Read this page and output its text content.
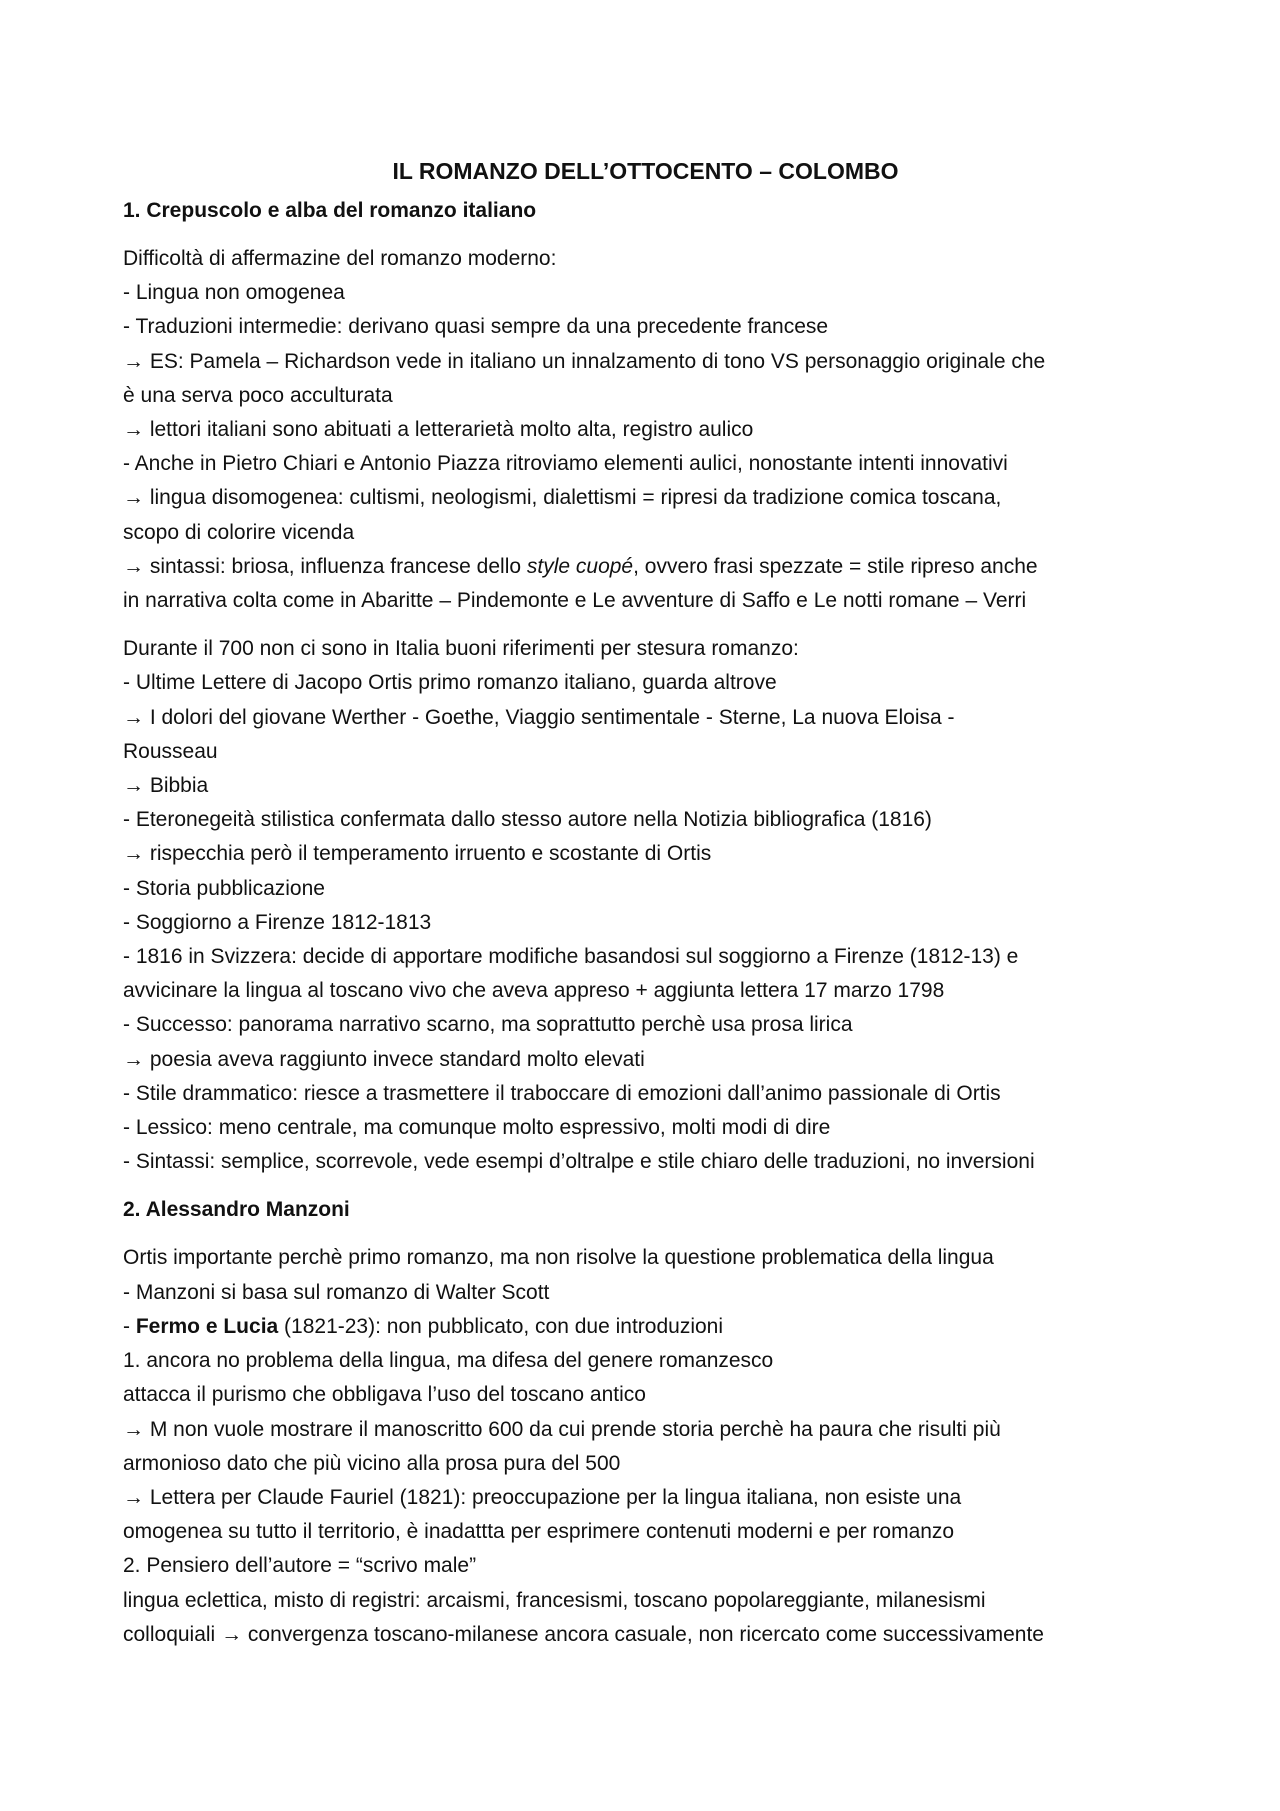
IL ROMANZO DELL’OTTOCENTO – COLOMBO
1. Crepuscolo e alba del romanzo italiano
Difficoltà di affermazine del romanzo moderno:
- Lingua non omogenea
- Traduzioni intermedie: derivano quasi sempre da una precedente francese
→ ES: Pamela – Richardson vede in italiano un innalzamento di tono VS personaggio originale che
è una serva poco acculturata
→ lettori italiani sono abituati a letterarietà molto alta, registro aulico
- Anche in Pietro Chiari e Antonio Piazza ritroviamo elementi aulici, nonostante intenti innovativi
→ lingua disomogenea: cultismi, neologismi, dialettismi = ripresi da tradizione comica toscana,
scopo di colorire vicenda
→ sintassi: briosa, influenza francese dello style cuopé, ovvero frasi spezzate = stile ripreso anche
in narrativa colta come in Abaritte – Pindemonte e Le avventure di Saffo e Le notti romane – Verri
Durante il 700 non ci sono in Italia buoni riferimenti per stesura romanzo:
- Ultime Lettere di Jacopo Ortis primo romanzo italiano, guarda altrove
→ I dolori del giovane Werther - Goethe, Viaggio sentimentale - Sterne, La nuova Eloisa -
Rousseau
→ Bibbia
- Eteronegeità stilistica confermata dallo stesso autore nella Notizia bibliografica (1816)
→ rispecchia però il temperamento irruento e scostante di Ortis
- Storia pubblicazione
- Soggiorno a Firenze 1812-1813
- 1816 in Svizzera: decide di apportare modifiche basandosi sul soggiorno a Firenze (1812-13) e
avvicinare la lingua al toscano vivo che aveva appreso + aggiunta lettera 17 marzo 1798
- Successo: panorama narrativo scarno, ma soprattutto perchè usa prosa lirica
→ poesia aveva raggiunto invece standard molto elevati
- Stile drammatico: riesce a trasmettere il traboccare di emozioni dall’animo passionale di Ortis
- Lessico: meno centrale, ma comunque molto espressivo, molti modi di dire
- Sintassi: semplice, scorrevole, vede esempi d’oltralpe e stile chiaro delle traduzioni, no inversioni
2. Alessandro Manzoni
Ortis importante perchè primo romanzo, ma non risolve la questione problematica della lingua
- Manzoni si basa sul romanzo di Walter Scott
- Fermo e Lucia (1821-23): non pubblicato, con due introduzioni
1. ancora no problema della lingua, ma difesa del genere romanzesco
attacca il purismo che obbligava l’uso del toscano antico
→ M non vuole mostrare il manoscritto 600 da cui prende storia perchè ha paura che risulti più
armonioso dato che più vicino alla prosa pura del 500
→ Lettera per Claude Fauriel (1821): preoccupazione per la lingua italiana, non esiste una
omogenea su tutto il territorio, è inadattta per esprimere contenuti moderni e per romanzo
2. Pensiero dell’autore = “scrivo male”
lingua eclettica, misto di registri: arcaismi, francesismi, toscano popolareggiante, milanesismi
colloquiali → convergenza toscano-milanese ancora casuale, non ricercato come successivamente
